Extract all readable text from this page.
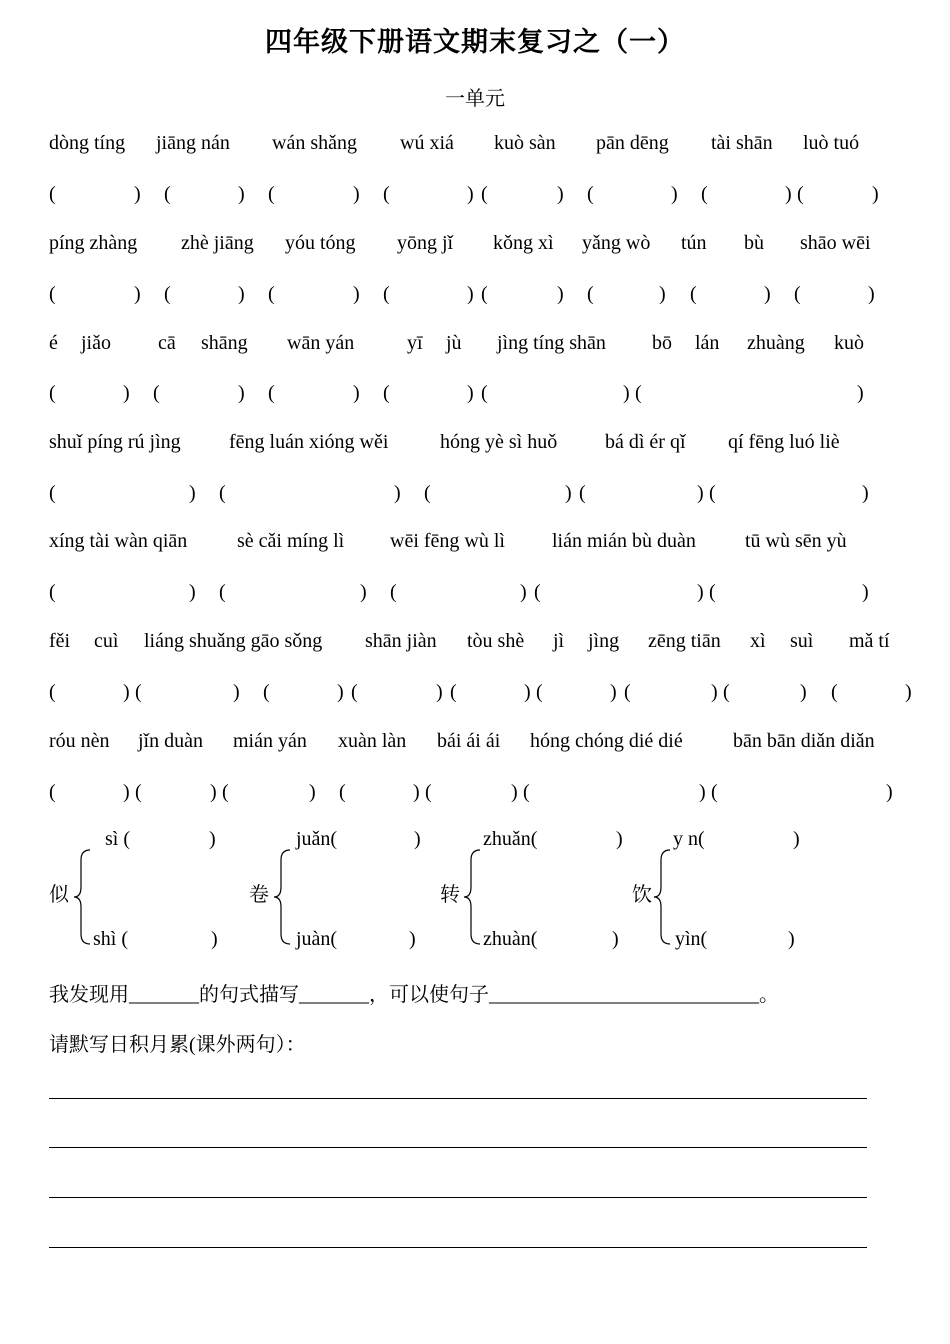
四年级下册语文期末复习之（一）
一单元
dòng tíng jiāng nán wán shǎng wú xiá kuò sàn pān dēng tài shān luò tuó
(	) (	) (	) (	) (	) (	) (	) (	)
píng zhàng zhè jiāng yóu tóng yōng jǐ kǒng xì yǎng wò tún bù shāo wēi
(	) (	) (	) (	) (	) (	) (	) (	)
é jiǎo cā shāng wān yán	yī jù jìng tíng shān bō lán zhuàng kuò
(	) (	) (	) (	) (	) (	)
shuǐ píng rú jìng fēng luán xióng wěi	hóng yè sì huǒ bá dì ér qǐ qí fēng luó liè
(	) (	) (	) (	) (	)
xíng tài wàn qiān sè cǎi míng lì wēi fēng wù lì lián mián bù duàn tū wù sēn yù
(	) (	) (	) (	) (	)
fěi cuì liáng shuǎng gāo sǒng shān jiàn tòu shè jì jìng zēng tiān xì suì mǎ tí
(	) (	) (	) (	) (	) (	) (	) (	) (	)
róu nèn jǐn duàn mián yán xuàn làn bái ái ái hóng chóng dié dié	bān bān diǎn diǎn
(	) (	) (	) (	) (	) (	) (	)
sì (	)
似
shì (	)
juǎn(	)
卷
juàn(	)
zhuǎn(	)
转
zhuàn(	)
y n(	)
饮
yìn(	)
我发现用_______的句式描写_______，可以使句子___________________________。
请默写日积月累(课外两句）：
